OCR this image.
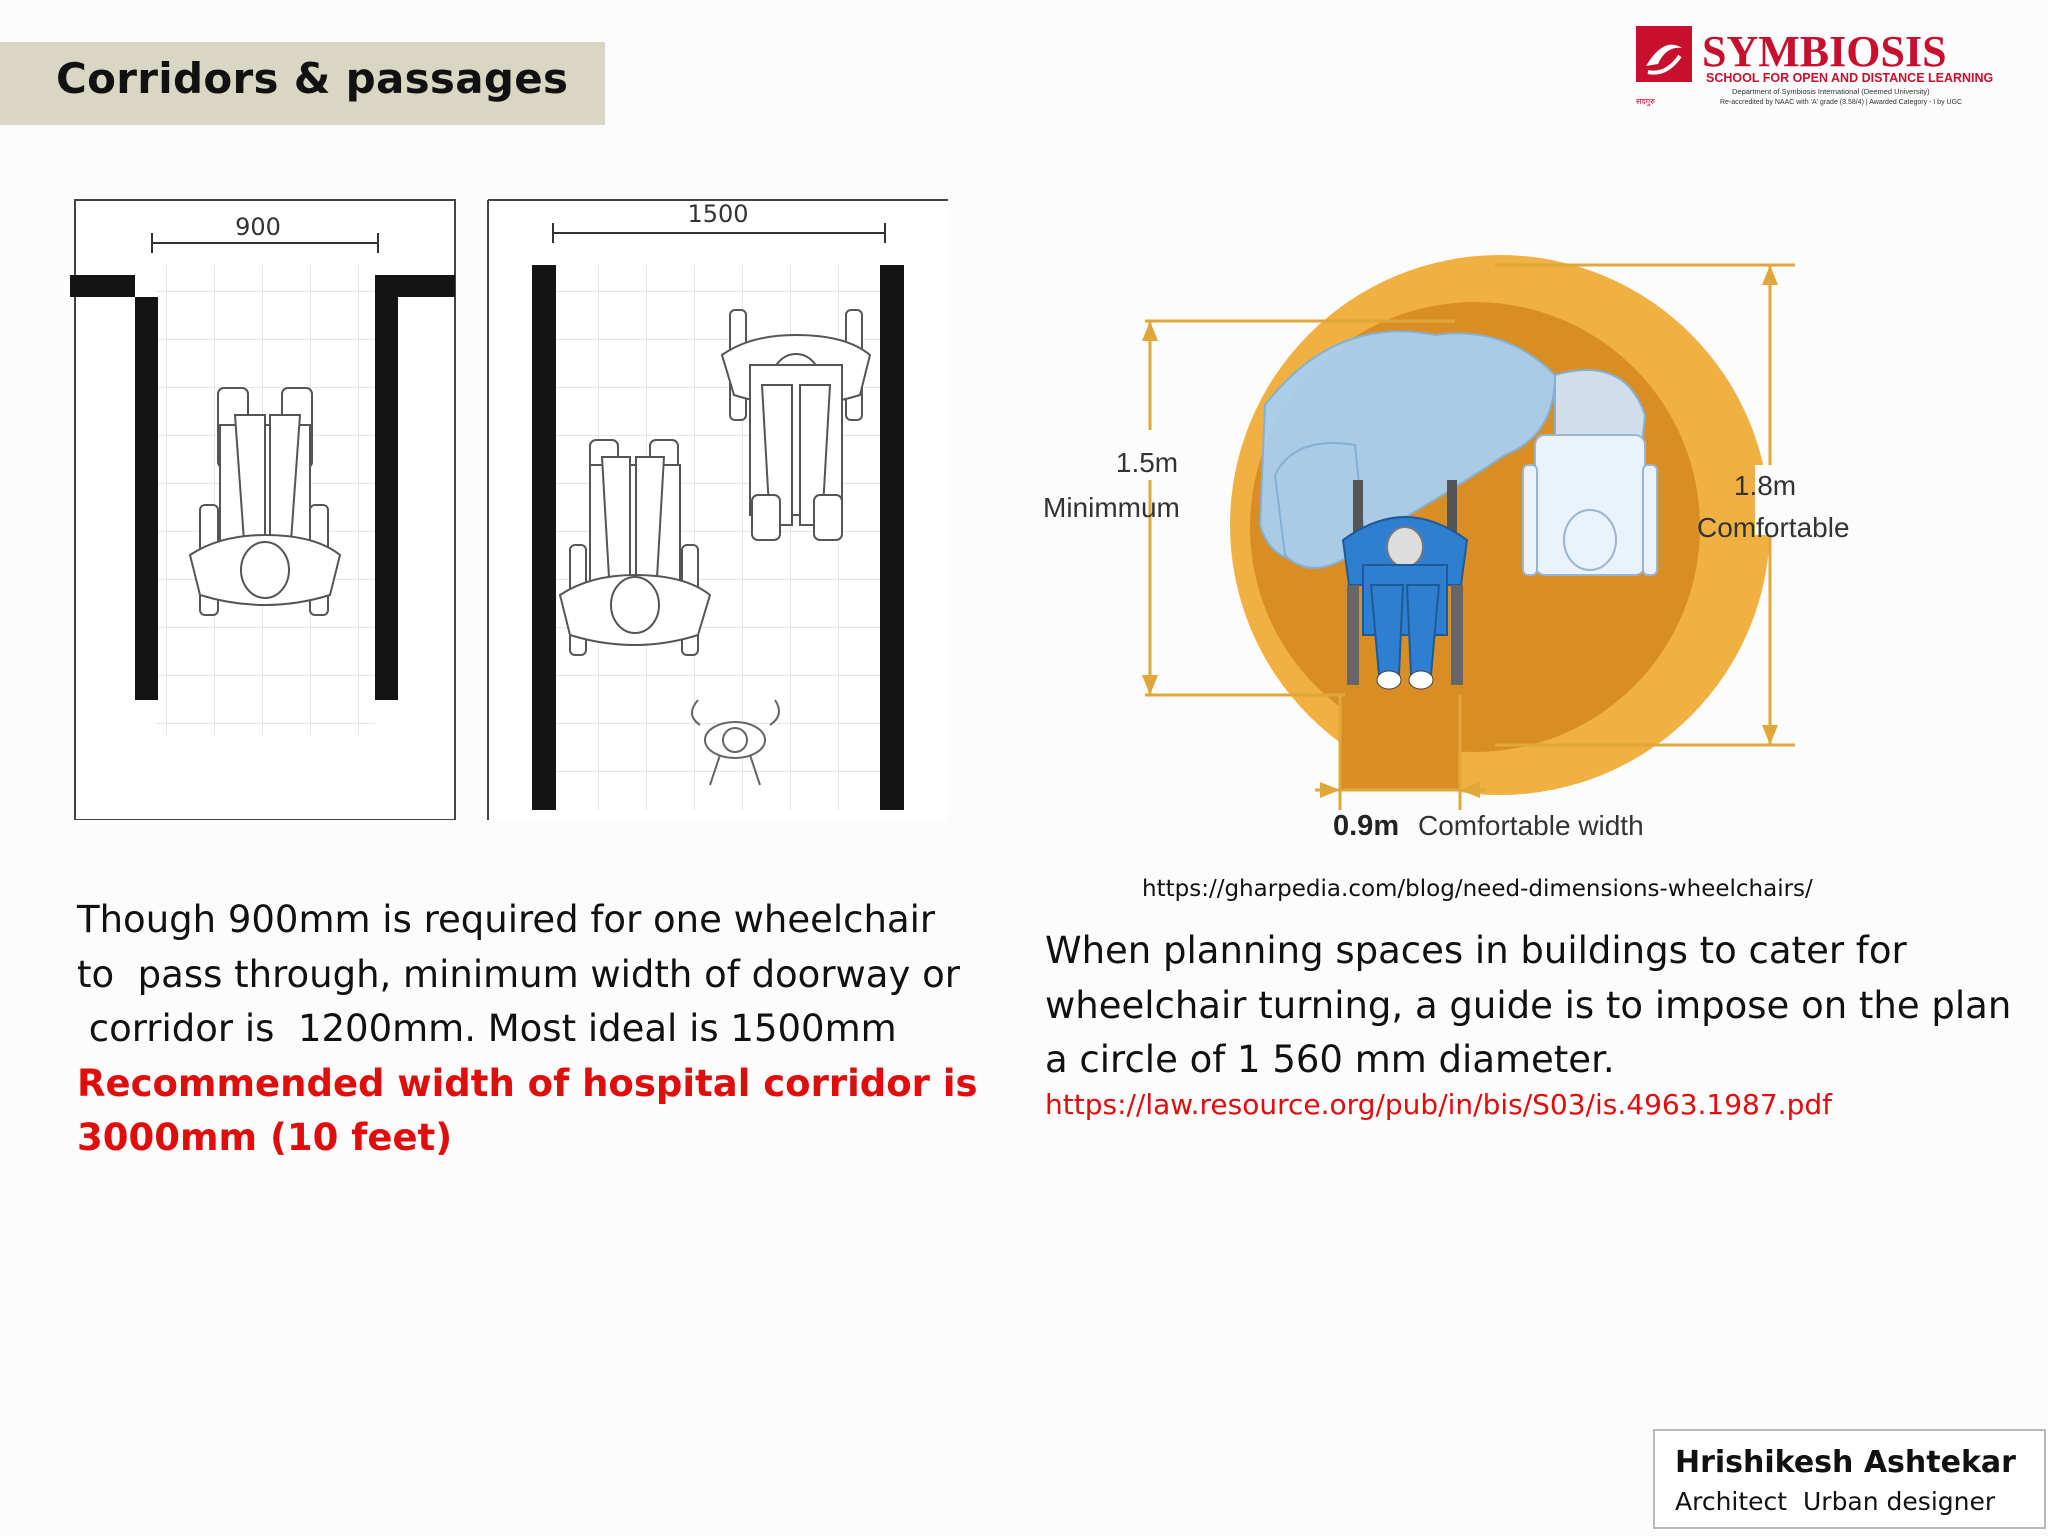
Corridors & passages
SYMBIOSIS
SCHOOL FOR OPEN AND DISTANCE LEARNING
Department of Symbiosis International (Deemed University)
Re-accredited by NAAC with 'A' grade (3.58/4) | Awarded Category - I by UGC
सदगुरु
900	1500
1.5m
Minimmum
1.8m
Comfortable
0.9m Comfortable width
https://gharpedia.com/blog/need-dimensions-wheelchairs/
Though 900mm is required for one wheelchair
to  pass through, minimum width of doorway or
corridor is  1200mm. Most ideal is 1500mm
Recommended width of hospital corridor is
3000mm (10 feet)
When planning spaces in buildings to cater for
wheelchair turning, a guide is to impose on the plan
a circle of 1 560 mm diameter.
https://law.resource.org/pub/in/bis/S03/is.4963.1987.pdf
Hrishikesh Ashtekar
Architect  Urban designer
